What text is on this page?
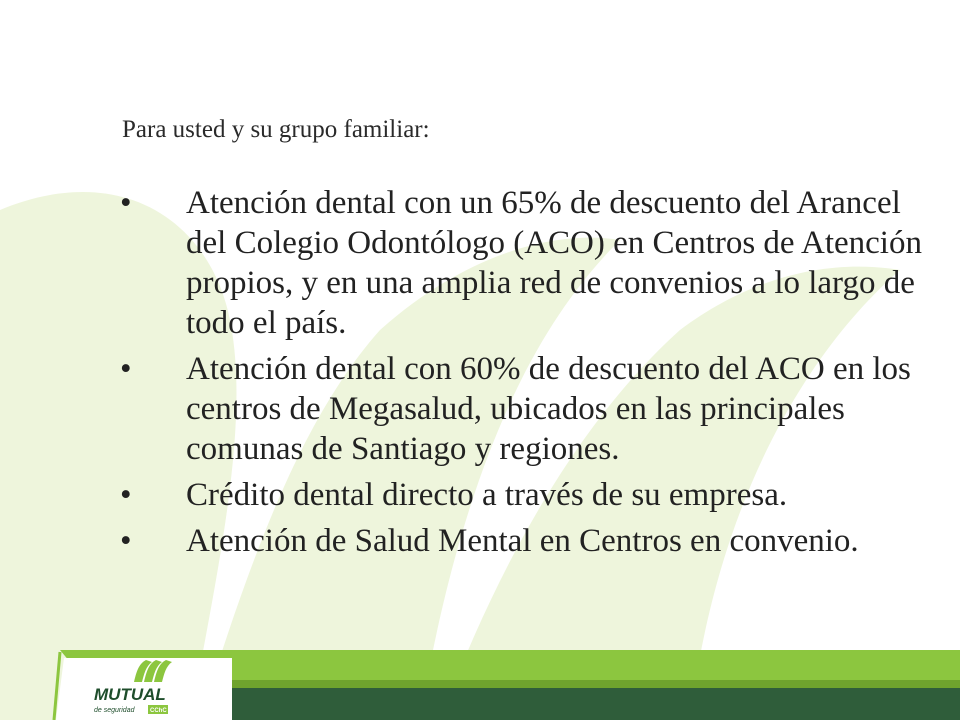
Para usted y su grupo familiar:
• Atención dental con un 65% de descuento del Arancel del Colegio Odontólogo (ACO) en Centros de Atención propios, y en una amplia red de convenios a lo largo de todo el país.
• Atención dental con 60% de descuento del ACO en los centros de Megasalud, ubicados en las principales comunas de Santiago y regiones.
• Crédito dental directo a través de su empresa.
• Atención de Salud Mental en Centros en convenio.
MUTUAL
de seguridad	CChC
